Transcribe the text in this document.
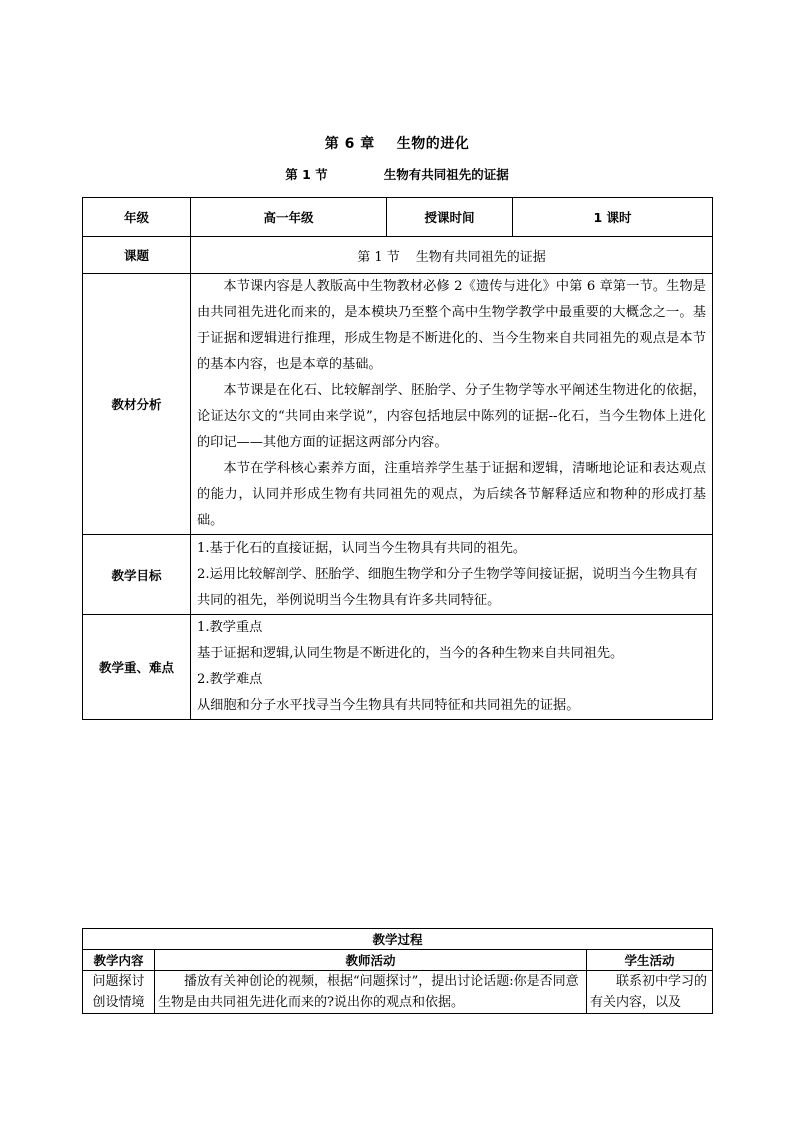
第 6 章 生物的进化
第 1 节	生物有共同祖先的证据
年级	高一年级	授课时间	1 课时
课题	第 1 节 生物有共同祖先的证据		
教材分析	本节课内容是人教版高中生物教材必修 2《遗传与进化》中第 6 章第一节。生物是由共同祖先进化而来的，是本模块乃至整个高中生物学教学中最重要的大概念之一。基于证据和逻辑进行推理，形成生物是不断进化的、当今生物来自共同祖先的观点是本节的基本内容，也是本章的基础。

本节课是在化石、比较解剖学、胚胎学、分子生物学等水平阐述生物进化的依据，论证达尔文的“共同由来学说”，内容包括地层中陈列的证据--化石，当今生物体上进化的印记——其他方面的证据这两部分内容。

本节在学科核心素养方面，注重培养学生基于证据和逻辑，清晰地论证和表达观点的能力，认同并形成生物有共同祖先的观点，为后续各节解释适应和物种的形成打基础。		

教学目标	1.基于化石的直接证据，认同当今生物具有共同的祖先。

2.运用比较解剖学、胚胎学、细胞生物学和分子生物学等间接证据，说明当今生物具有共同的祖先，举例说明当今生物具有许多共同特征。		

教学重、难点	1.教学重点

基于证据和逻辑,认同生物是不断进化的，当今的各种生物来自共同祖先。

2.教学难点

从细胞和分子水平找寻当今生物具有共同特征和共同祖先的证据。		

教学过程		
教学内容	教师活动	学生活动

问题探讨
创设情境	播放有关神创论的视频，根据“问题探讨”，提出讨论话题:你是否同意生物是由共同祖先进化而来的?说出你的观点和依据。	联系初中学习的有关内容，以及
